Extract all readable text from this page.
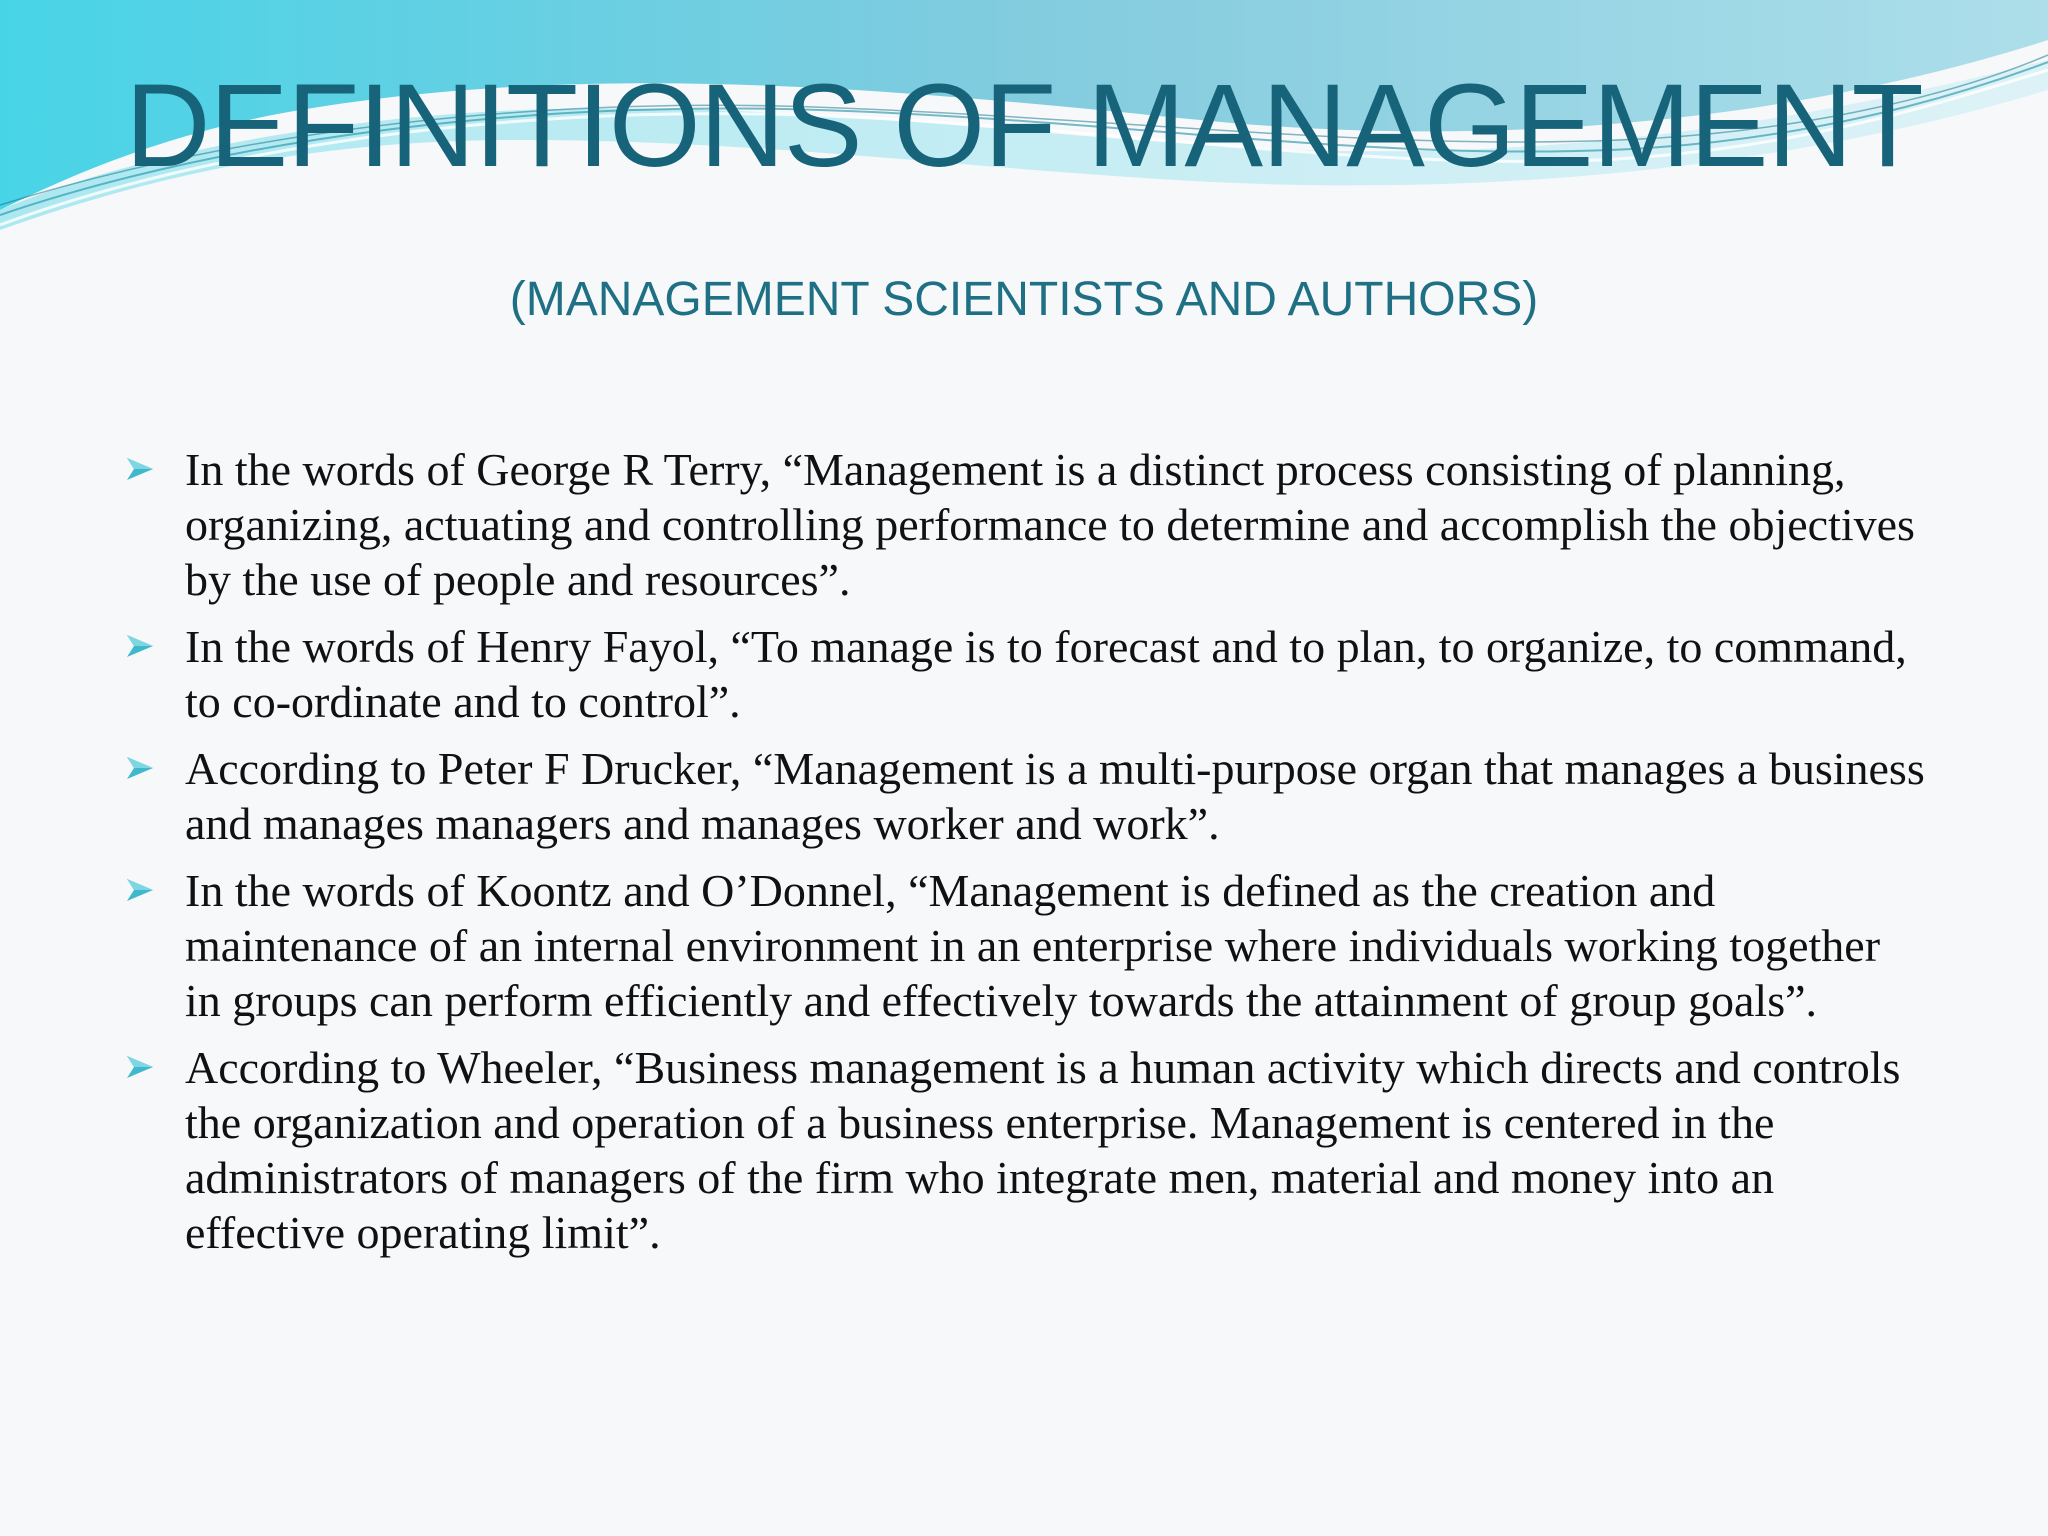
DEFINITIONS OF MANAGEMENT

(MANAGEMENT SCIENTISTS AND AUTHORS)

In the words of George R Terry, “Management is a distinct process consisting of planning, organizing, actuating and controlling performance to determine and accomplish the objectives by the use of people and resources”.
In the words of Henry Fayol, “To manage is to forecast and to plan, to organize, to command, to co-ordinate and to control”.
According to Peter F Drucker, “Management is a multi-purpose organ that manages a business and manages managers and manages worker and work”.
In the words of Koontz and O’Donnel, “Management is defined as the creation and maintenance of an internal environment in an enterprise where individuals working together in groups can perform efficiently and effectively towards the attainment of group goals”.
According to Wheeler, “Business management is a human activity which directs and controls the organization and operation of a business enterprise. Management is centered in the administrators of managers of the firm who integrate men, material and money into an effective operating limit”.
